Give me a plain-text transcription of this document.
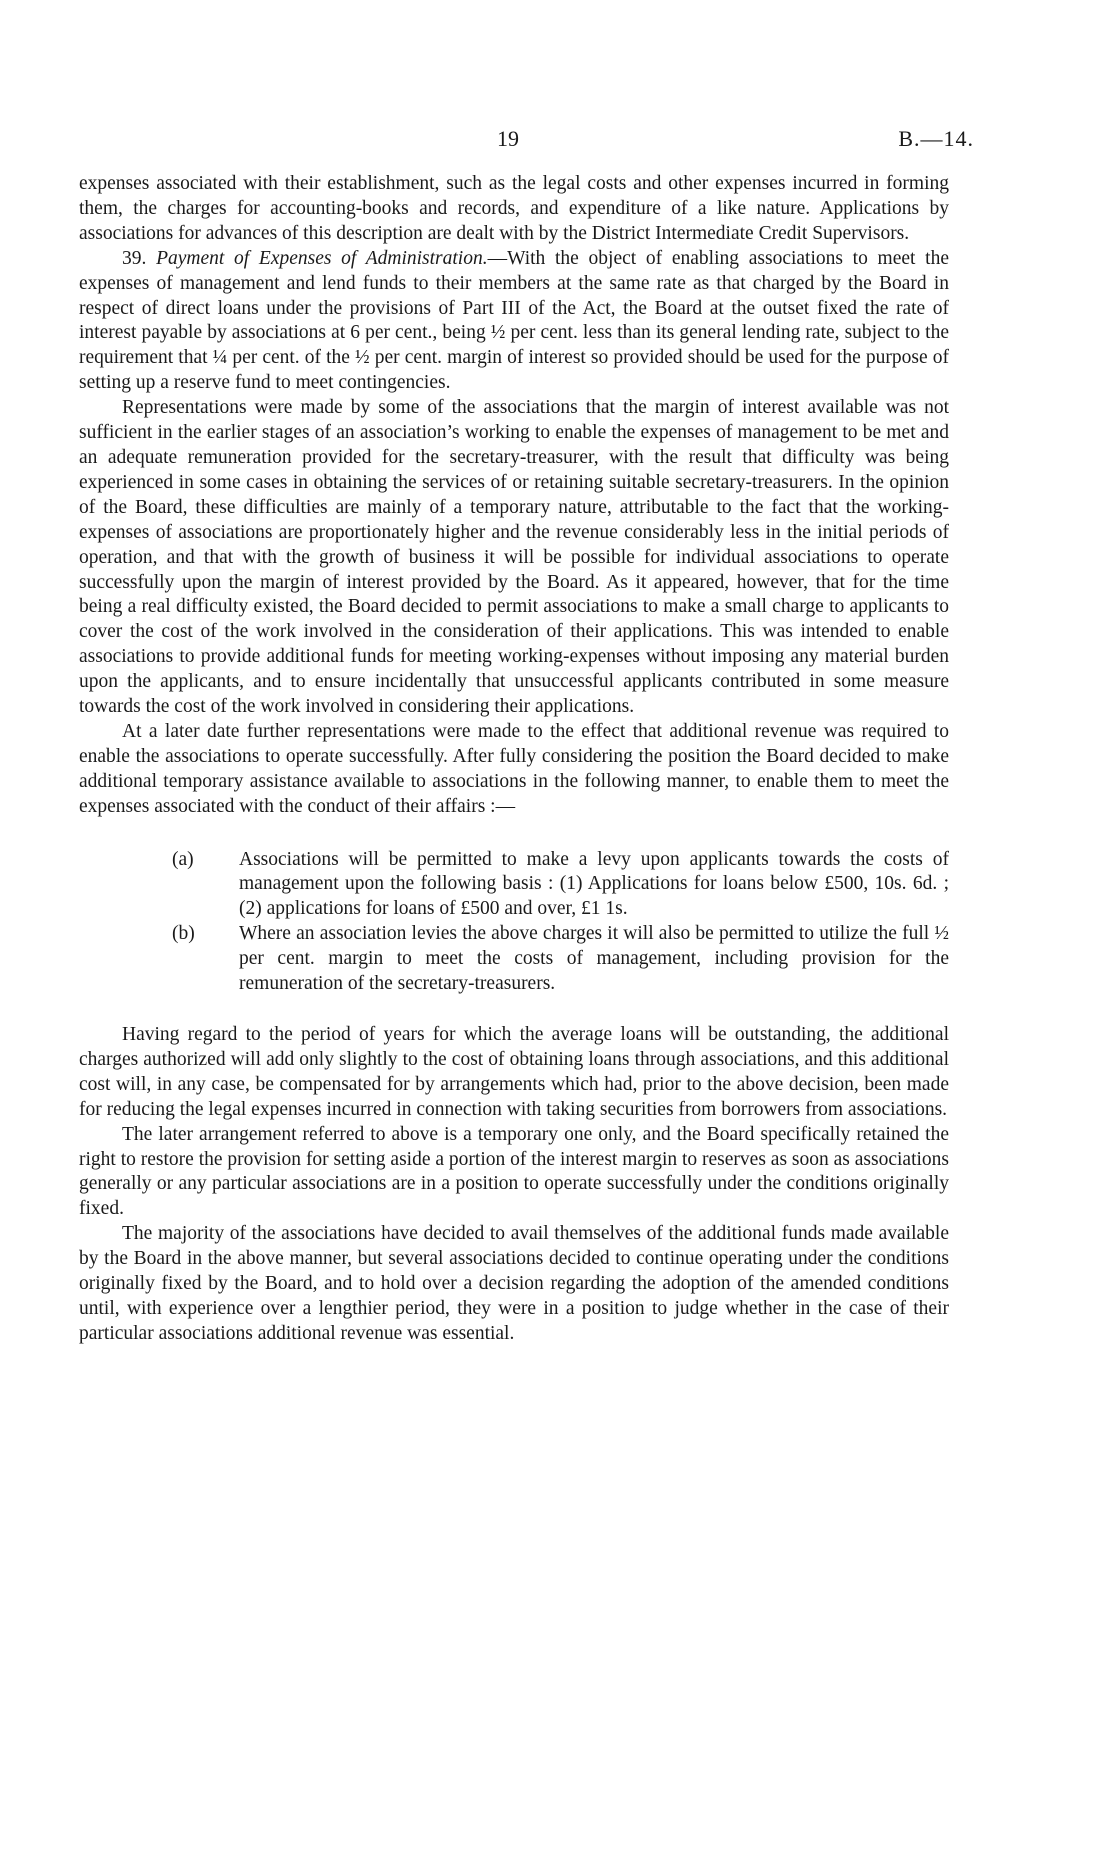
19	B.—14.

expenses associated with their establishment, such as the legal costs and other expenses incurred in forming them, the charges for accounting-books and records, and expenditure of a like nature. Applications by associations for advances of this description are dealt with by the District Intermediate Credit Supervisors.

39. Payment of Expenses of Administration.—With the object of enabling associations to meet the expenses of management and lend funds to their members at the same rate as that charged by the Board in respect of direct loans under the provisions of Part III of the Act, the Board at the outset fixed the rate of interest payable by associations at 6 per cent., being ½ per cent. less than its general lending rate, subject to the requirement that ¼ per cent. of the ½ per cent. margin of interest so provided should be used for the purpose of setting up a reserve fund to meet contingencies.

Representations were made by some of the associations that the margin of interest available was not sufficient in the earlier stages of an association’s working to enable the expenses of management to be met and an adequate remuneration provided for the secretary-treasurer, with the result that difficulty was being experienced in some cases in obtaining the services of or retaining suitable secretary-treasurers. In the opinion of the Board, these difficulties are mainly of a temporary nature, attributable to the fact that the working-expenses of associations are proportionately higher and the revenue considerably less in the initial periods of operation, and that with the growth of business it will be possible for individual associations to operate successfully upon the margin of interest provided by the Board. As it appeared, however, that for the time being a real difficulty existed, the Board decided to permit associations to make a small charge to applicants to cover the cost of the work involved in the consideration of their applications. This was intended to enable associations to provide additional funds for meeting working-expenses without imposing any material burden upon the applicants, and to ensure incidentally that unsuccessful applicants contributed in some measure towards the cost of the work involved in considering their applications.

At a later date further representations were made to the effect that additional revenue was required to enable the associations to operate successfully. After fully considering the position the Board decided to make additional temporary assistance available to associations in the following manner, to enable them to meet the expenses associated with the conduct of their affairs :—

(a) Associations will be permitted to make a levy upon applicants towards the costs of management upon the following basis : (1) Applications for loans below £500, 10s. 6d. ; (2) applications for loans of £500 and over, £1 1s.
(b) Where an association levies the above charges it will also be permitted to utilize the full ½ per cent. margin to meet the costs of management, including provision for the remuneration of the secretary-treasurers.

Having regard to the period of years for which the average loans will be outstanding, the additional charges authorized will add only slightly to the cost of obtaining loans through associations, and this additional cost will, in any case, be compensated for by arrangements which had, prior to the above decision, been made for reducing the legal expenses incurred in connection with taking securities from borrowers from associations.

The later arrangement referred to above is a temporary one only, and the Board specifically retained the right to restore the provision for setting aside a portion of the interest margin to reserves as soon as associations generally or any particular associations are in a position to operate successfully under the conditions originally fixed.

The majority of the associations have decided to avail themselves of the additional funds made available by the Board in the above manner, but several associations decided to continue operating under the conditions originally fixed by the Board, and to hold over a decision regarding the adoption of the amended conditions until, with experience over a lengthier period, they were in a position to judge whether in the case of their particular associations additional revenue was essential.
